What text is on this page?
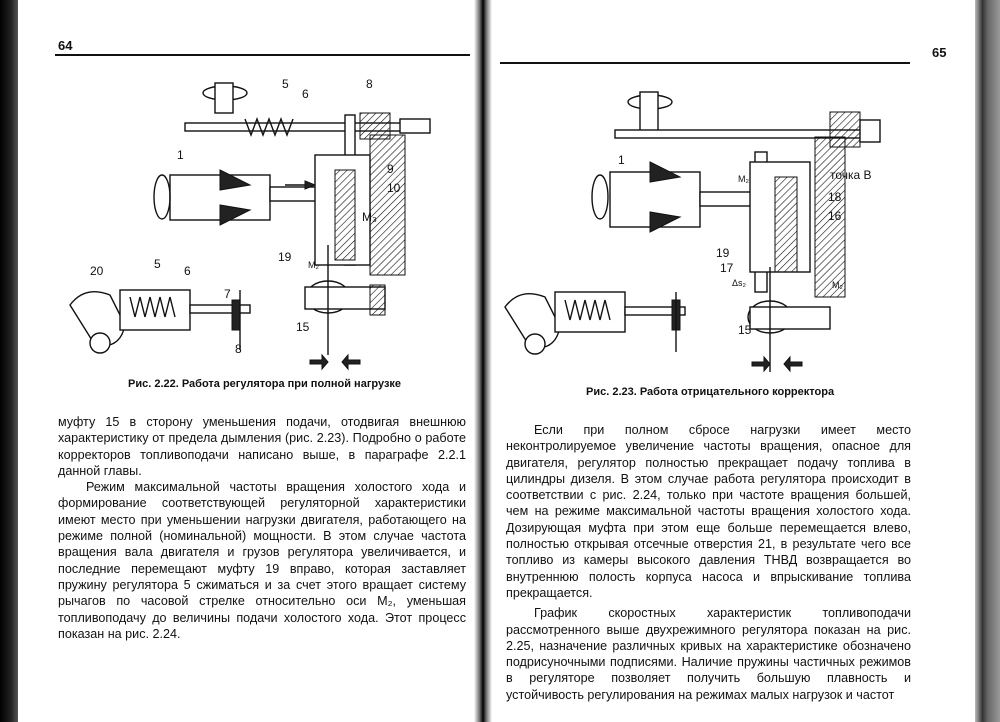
64
5
6
8
1
9
10
M₃
19
M₂
20	5 6
7
8
15
Рис. 2.22. Работа регулятора при полной нагрузке

муфту 15 в сторону уменьшения подачи, отодвигая внешнюю характеристику от предела дымления (рис. 2.23). Подробно о работе корректоров топливоподачи написано выше, в параграфе 2.2.1 данной главы.

Режим максимальной частоты вращения холостого хода и формирование соответствующей регуляторной характеристики имеют место при уменьшении нагрузки двигателя, работающего на режиме полной (номинальной) мощности. В этом случае частота вращения вала двигателя и грузов регулятора увеличивается, и последние перемещают муфту 19 вправо, которая заставляет пружину регулятора 5 сжиматься и за счет этого вращает систему рычагов по часовой стрелке относительно оси M₂, уменьшая топливоподачу до величины подачи холостого хода. Этот процесс показан на рис. 2.24.

65
1
M₂	точка В
18
16
19
17
Δs₂	M₂
15
Рис. 2.23. Работа отрицательного корректора

Если при полном сбросе нагрузки имеет место неконтролируемое увеличение частоты вращения, опасное для двигателя, регулятор полностью прекращает подачу топлива в цилиндры дизеля. В этом случае работа регулятора происходит в соответствии с рис. 2.24, только при частоте вращения большей, чем на режиме максимальной частоты вращения холостого хода. Дозирующая муфта при этом еще больше перемещается влево, полностью открывая отсечные отверстия 21, в результате чего все топливо из камеры высокого давления ТНВД возвращается во внутреннюю полость корпуса насоса и впрыскивание топлива прекращается.

График скоростных характеристик топливоподачи рассмотренного выше двухрежимного регулятора показан на рис. 2.25, назначение различных кривых на характеристике обозначено подрисуночными подписями. Наличие пружины частичных режимов в регуляторе позволяет получить большую плавность и устойчивость регулирования на режимах малых нагрузок и частот
